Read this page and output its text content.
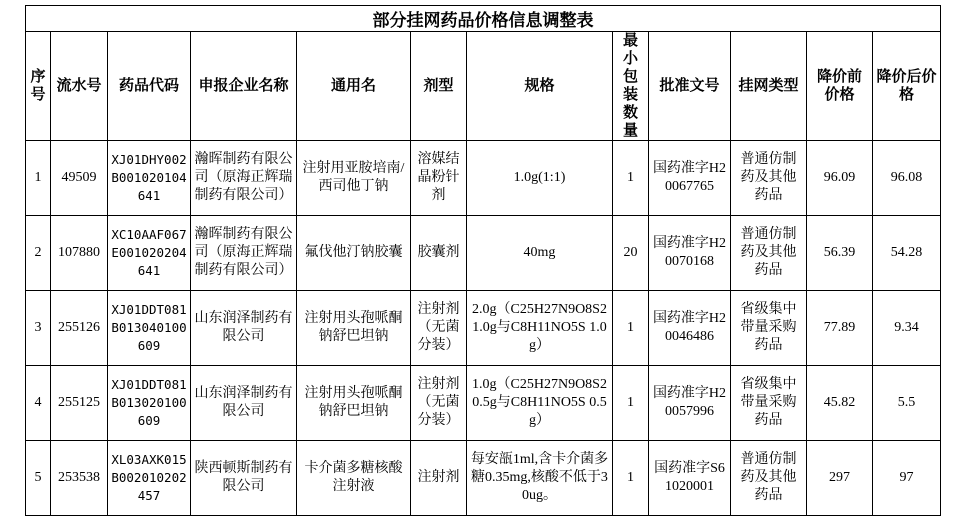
部分挂网药品价格信息调整表											
序号	流水号	药品代码	申报企业名称	通用名	剂型	规格	最小包装数量	批准文号	挂网类型	降价前价格	降价后价格
1	49509	XJ01DHY002B001020104641	瀚晖制药有限公司（原海正辉瑞制药有限公司）	注射用亚胺培南/西司他丁钠	溶媒结晶粉针剂	1.0g(1:1)	1	国药准字H20067765	普通仿制药及其他药品	96.09	96.08
2	107880	XC10AAF067E001020204641	瀚晖制药有限公司（原海正辉瑞制药有限公司）	氟伐他汀钠胶囊	胶囊剂	40mg	20	国药准字H20070168	普通仿制药及其他药品	56.39	54.28
3	255126	XJ01DDT081B013040100609	山东润泽制药有限公司	注射用头孢哌酮钠舒巴坦钠	注射剂（无菌分装）	2.0g（C25H27N9O8S2 1.0g与C8H11NO5S 1.0g）	1	国药准字H20046486	省级集中带量采购药品	77.89	9.34
4	255125	XJ01DDT081B013020100609	山东润泽制药有限公司	注射用头孢哌酮钠舒巴坦钠	注射剂（无菌分装）	1.0g（C25H27N9O8S2 0.5g与C8H11NO5S 0.5g）	1	国药准字H20057996	省级集中带量采购药品	45.82	5.5
5	253538	XL03AXK015B002010202457	陕西顿斯制药有限公司	卡介菌多糖核酸注射液	注射剂	每安瓿1ml,含卡介菌多糖0.35mg,核酸不低于30ug。	1	国药准字S61020001	普通仿制药及其他药品	297	97
